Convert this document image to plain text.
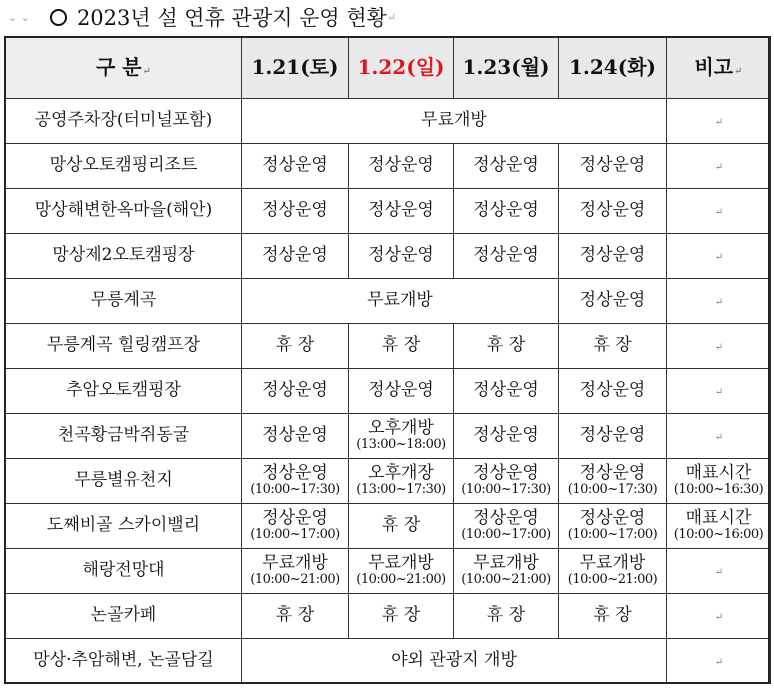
⌄ ⌄ 2023년 설 연휴 관광지 운영 현황 ↵
구 분↵	1.21(토)	1.22(일)	1.23(월)	1.24(화)	비고↵
공영주차장(터미널포함)	무료개방				↵
망상오토캠핑리조트	정상운영	정상운영	정상운영	정상운영	↵
망상해변한옥마을(해안)	정상운영	정상운영	정상운영	정상운영	↵
망상제2오토캠핑장	정상운영	정상운영	정상운영	정상운영	↵
무릉계곡	무료개방			정상운영	↵
무릉계곡 힐링캠프장	휴 장	휴 장	휴 장	휴 장	↵
추암오토캠핑장	정상운영	정상운영	정상운영	정상운영	↵
천곡황금박쥐동굴	정상운영	오후개방
(13:00~18:00)	정상운영	정상운영	↵
무릉별유천지	정상운영
(10:00~17:30)	오후개장
(13:00~17:30)	정상운영
(10:00~17:30)	정상운영
(10:00~17:30)	매표시간
(10:00~16:30)

도째비골 스카이밸리	정상운영
(10:00~17:00)	휴 장	정상운영
(10:00~17:00)	정상운영
(10:00~17:00)	매표시간
(10:00~16:00)

해랑전망대	무료개방
(10:00~21:00)	무료개방
(10:00~21:00)	무료개방
(10:00~21:00)	무료개방
(10:00~21:00)	↵
논골카페	휴 장	휴 장	휴 장	휴 장	↵
망상·추암해변, 논골담길	야외 관광지 개방				↵
